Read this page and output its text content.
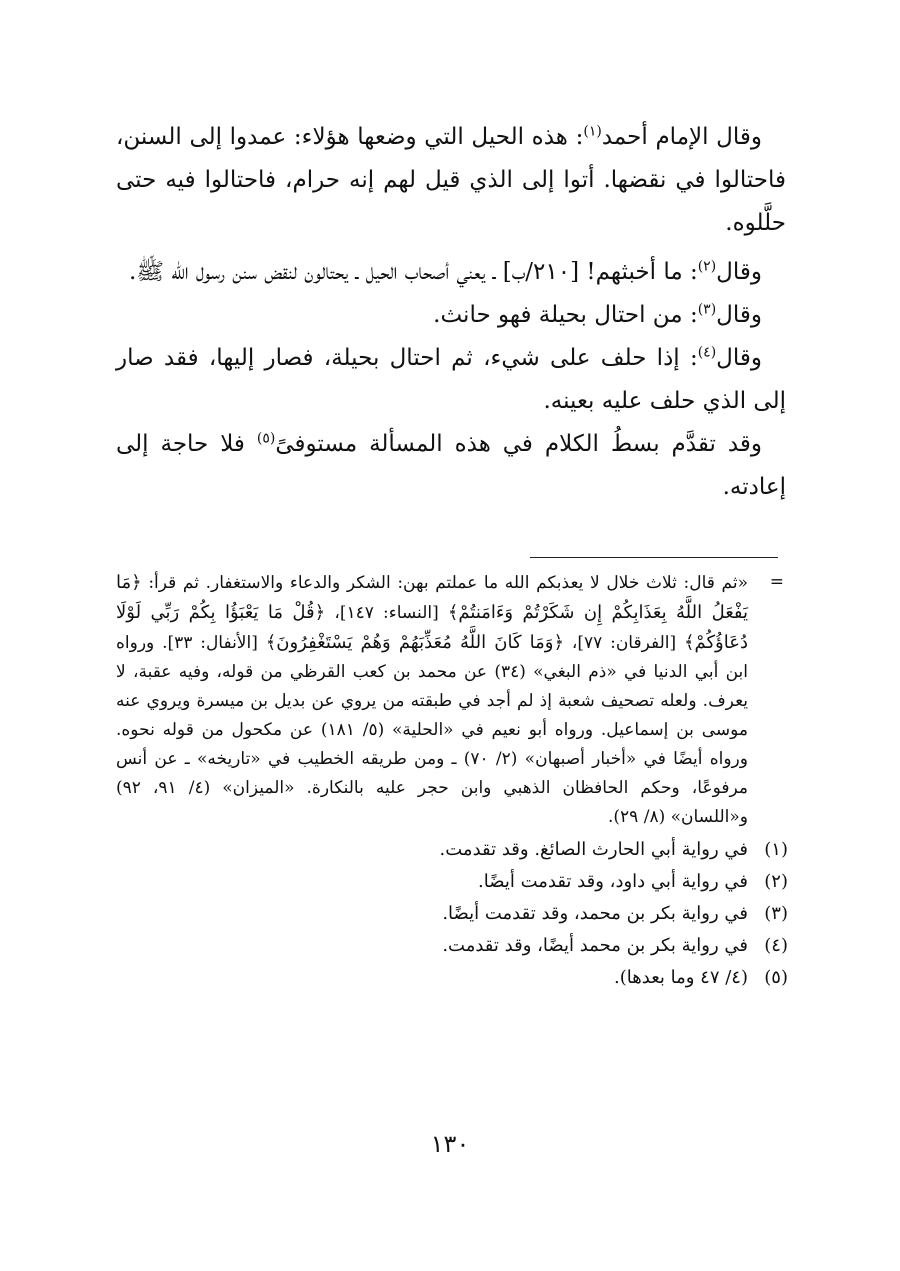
وقال الإمام أحمد$^{(١)}$: هذه الحيل التي وضعها هؤلاء: عمدوا إلى السنن، فاحتالوا في نقضها. أتوا إلى الذي قيل لهم إنه حرام، فاحتالوا فيه حتى حلَّلوه.

وقال$^{(٢)}$: ما أخبثهم! [٢١٠/ب] ـ يعني أصحاب الحيل ـ يحتالون لنقض سنن رسول الله ﷺ.

وقال$^{(٣)}$: من احتال بحيلة فهو حانث.

وقال$^{(٤)}$: إذا حلف على شيء، ثم احتال بحيلة، فصار إليها، فقد صار إلى الذي حلف عليه بعينه.

وقد تقدَّم بسطُ الكلام في هذه المسألة مستوفىً$^{(٥)}$ فلا حاجة إلى إعادته.

=
«ثم قال: ثلاث خلال لا يعذبكم الله ما عملتم بهن: الشكر والدعاء والاستغفار. ثم قرأ: ﴿مَا يَفْعَلُ اللَّهُ بِعَذَابِكُمْ إِن شَكَرْتُمْ وَءَامَنتُمْ﴾ [النساء: ١٤٧]، ﴿قُلْ مَا يَعْبَؤُا بِكُمْ رَبِّي لَوْلَا دُعَاؤُكُمْ﴾ [الفرقان: ٧٧]، ﴿وَمَا كَانَ اللَّهُ مُعَذِّبَهُمْ وَهُمْ يَسْتَغْفِرُونَ﴾ [الأنفال: ٣٣]. ورواه ابن أبي الدنيا في «ذم البغي» (٣٤) عن محمد بن كعب القرظي من قوله، وفيه عقبة، لا يعرف. ولعله تصحيف شعبة إذ لم أجد في طبقته من يروي عن بديل بن ميسرة ويروي عنه موسى بن إسماعيل. ورواه أبو نعيم في «الحلية» (٥/ ١٨١) عن مكحول من قوله نحوه. ورواه أيضًا في «أخبار أصبهان» (٢/ ٧٠) ـ ومن طريقه الخطيب في «تاريخه» ـ عن أنس مرفوعًا، وحكم الحافظان الذهبي وابن حجر عليه بالنكارة. «الميزان» (٤/ ٩١، ٩٢) و«اللسان» (٨/ ٢٩).

(١)
في رواية أبي الحارث الصائغ. وقد تقدمت.

(٢)
في رواية أبي داود، وقد تقدمت أيضًا.

(٣)
في رواية بكر بن محمد، وقد تقدمت أيضًا.

(٤)
في رواية بكر بن محمد أيضًا، وقد تقدمت.

(٥)
(٤/ ٤٧ وما بعدها).

١٣٠
